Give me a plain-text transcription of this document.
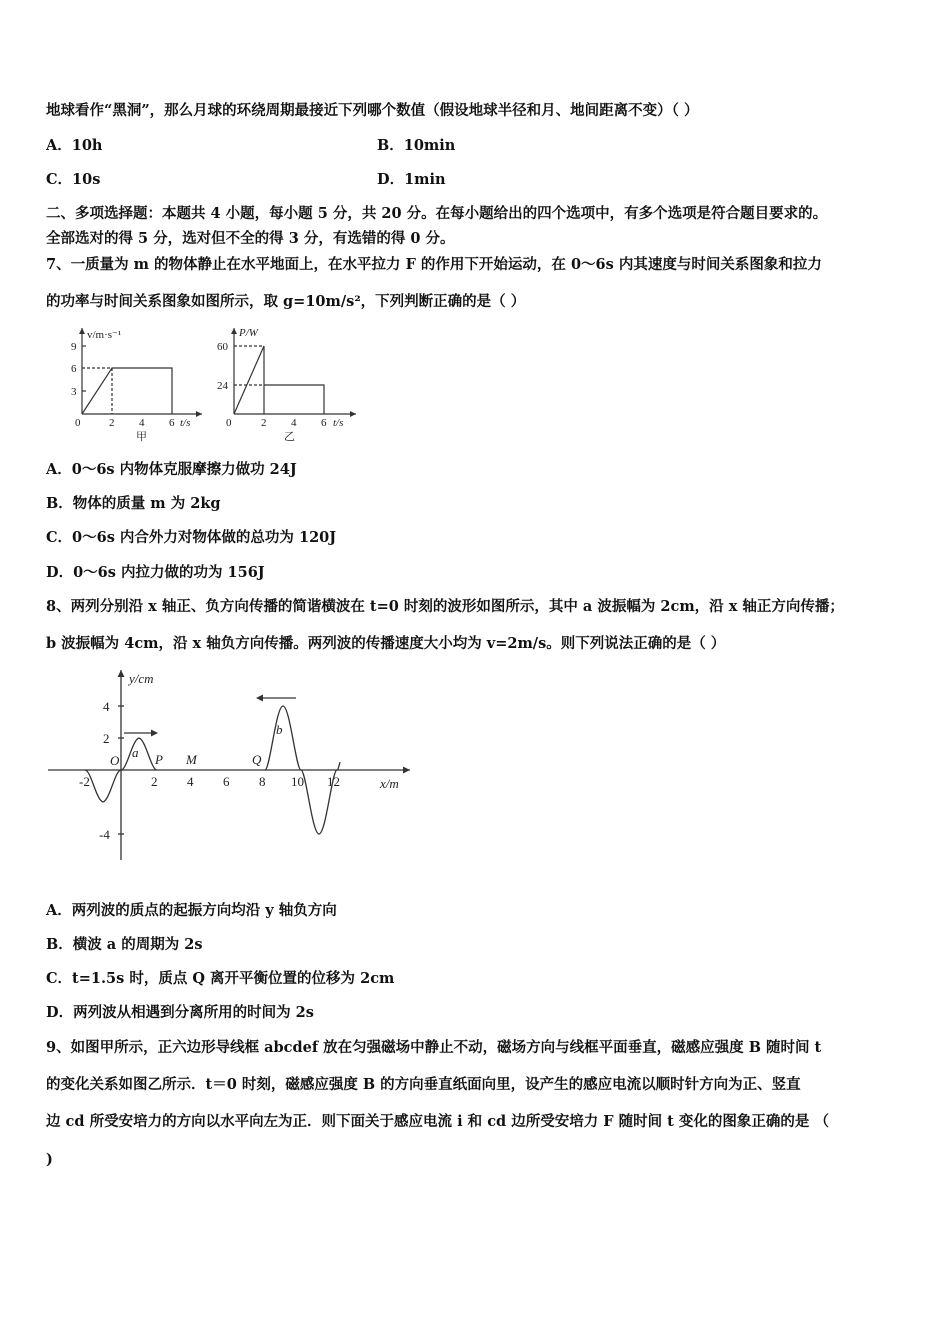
地球看作“黑洞”，那么月球的环绕周期最接近下列哪个数值（假设地球半径和月、地间距离不变）（ ）
A．10h	B．10min
C．10s	D．1min
二、多项选择题：本题共 4 小题，每小题 5 分，共 20 分。在每小题给出的四个选项中，有多个选项是符合题目要求的。
全部选对的得 5 分，选对但不全的得 3 分，有选错的得 0 分。
7、一质量为 m 的物体静止在水平地面上，在水平拉力 F 的作用下开始运动，在 0～6s 内其速度与时间关系图象和拉力
的功率与时间关系图象如图所示，取 g=10m/s²，下列判断正确的是（ ）
v/m·s⁻¹
9
6
3
0	2 4 6 t/s
甲
P/W
60
24
0	2 4 6 t/s
乙
A．0～6s 内物体克服摩擦力做功 24J
B．物体的质量 m 为 2kg
C．0～6s 内合外力对物体做的总功为 120J
D．0～6s 内拉力做的功为 156J
8、两列分别沿 x 轴正、负方向传播的简谐横波在 t=0 时刻的波形如图所示，其中 a 波振幅为 2cm，沿 x 轴正方向传播；
b 波振幅为 4cm，沿 x 轴负方向传播。两列波的传播速度大小均为 v=2m/s。则下列说法正确的是（ ）
y/cm
4
2
-4
-2
O
2 4 6 8 10 12	x/m
a
b
P M	Q
A．两列波的质点的起振方向均沿 y 轴负方向
B．横波 a 的周期为 2s
C．t=1.5s 时，质点 Q 离开平衡位置的位移为 2cm
D．两列波从相遇到分离所用的时间为 2s
9、如图甲所示，正六边形导线框 abcdef 放在匀强磁场中静止不动，磁场方向与线框平面垂直，磁感应强度 B 随时间 t
的变化关系如图乙所示．t＝0 时刻，磁感应强度 B 的方向垂直纸面向里，设产生的感应电流以顺时针方向为正、竖直
边 cd 所受安培力的方向以水平向左为正．则下面关于感应电流 i 和 cd 边所受安培力 F 随时间 t 变化的图象正确的是 （
)
